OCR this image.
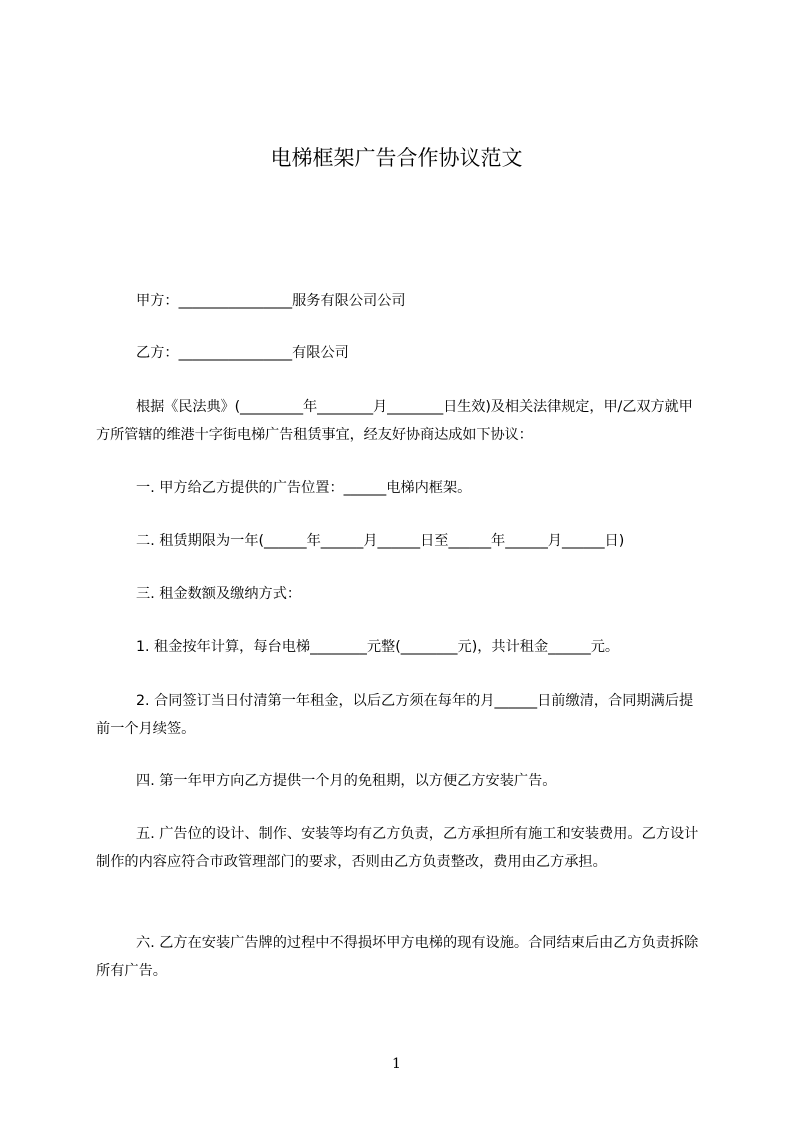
电梯框架广告合作协议范文

甲方：________________服务有限公司公司

乙方：________________有限公司

根据《民法典》(_________年________月________日生效)及相关法律规定，甲/乙双方就甲方所管辖的维港十字街电梯广告租赁事宜，经友好协商达成如下协议：

一. 甲方给乙方提供的广告位置：______电梯内框架。

二. 租赁期限为一年(______年______月______日至______年______月______日)

三. 租金数额及缴纳方式：

1. 租金按年计算，每台电梯________元整(________元)，共计租金______元。

2. 合同签订当日付清第一年租金，以后乙方须在每年的月______日前缴清，合同期满后提前一个月续签。

四. 第一年甲方向乙方提供一个月的免租期，以方便乙方安装广告。

五. 广告位的设计、制作、安装等均有乙方负责，乙方承担所有施工和安装费用。乙方设计制作的内容应符合市政管理部门的要求，否则由乙方负责整改，费用由乙方承担。

六. 乙方在安装广告牌的过程中不得损坏甲方电梯的现有设施。合同结束后由乙方负责拆除所有广告。

1
